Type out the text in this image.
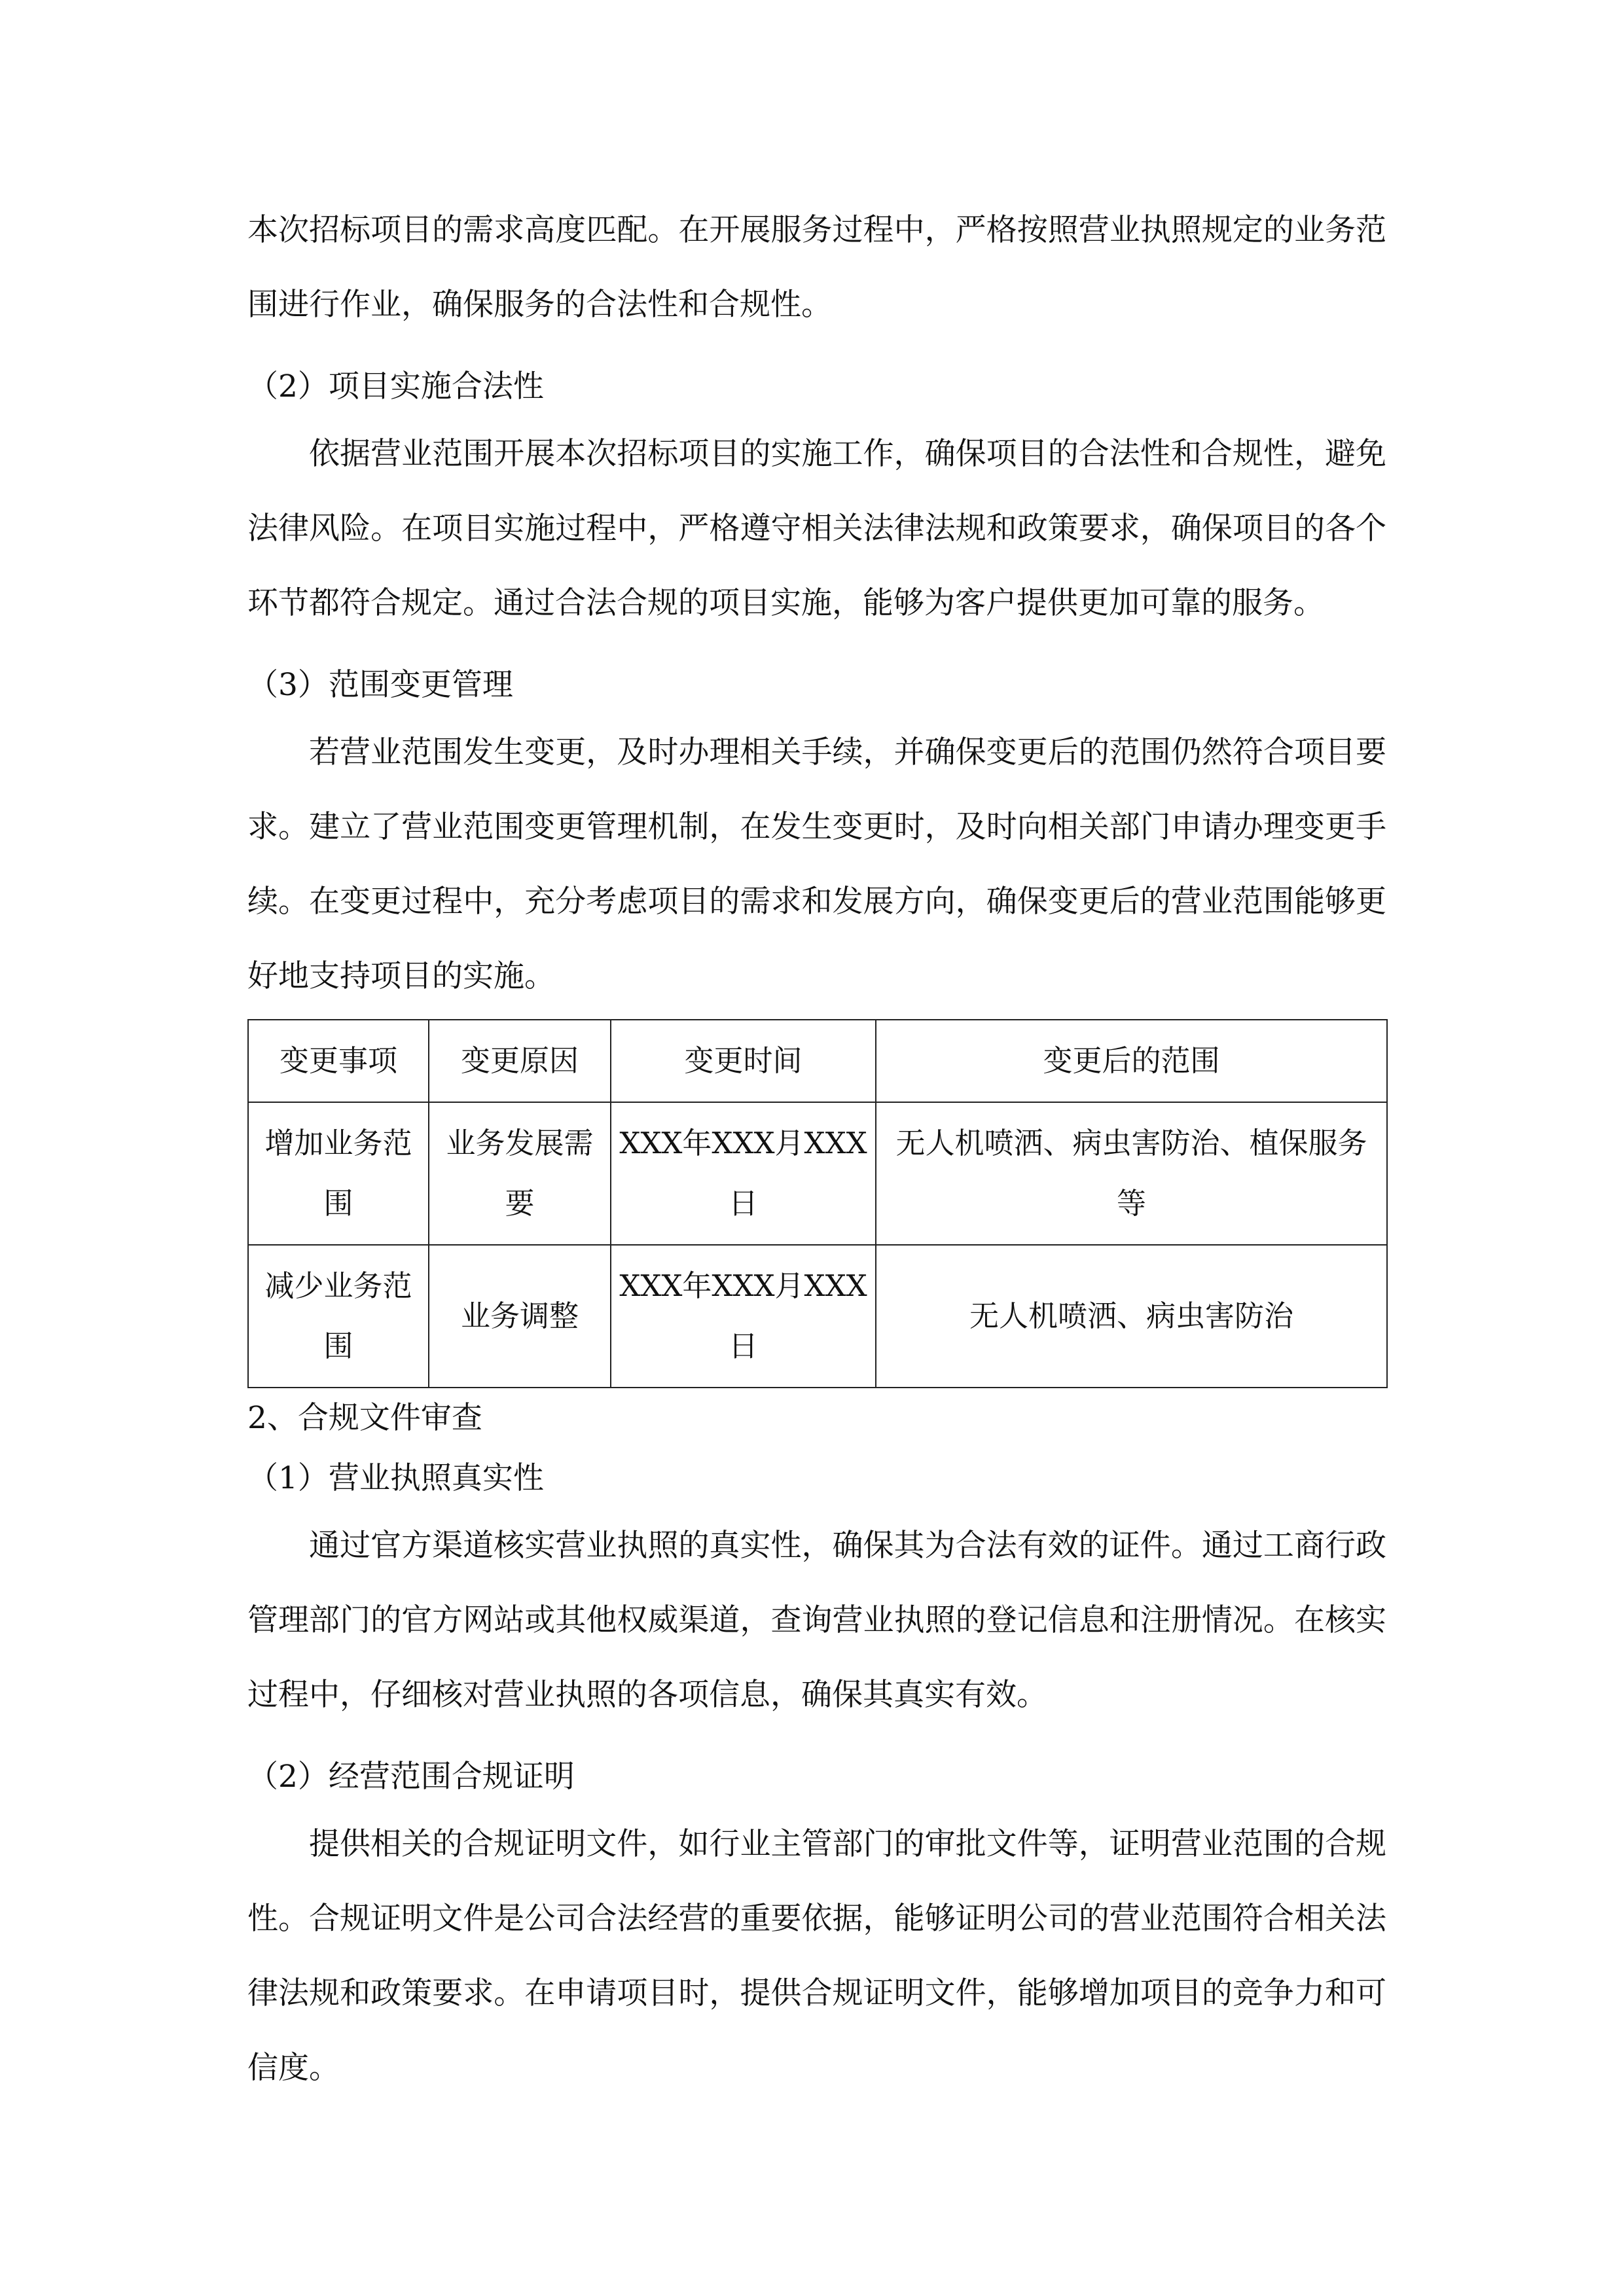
本次招标项目的需求高度匹配。在开展服务过程中，严格按照营业执照规定的业务范围进行作业，确保服务的合法性和合规性。

（2）项目实施合法性

依据营业范围开展本次招标项目的实施工作，确保项目的合法性和合规性，避免法律风险。在项目实施过程中，严格遵守相关法律法规和政策要求，确保项目的各个环节都符合规定。通过合法合规的项目实施，能够为客户提供更加可靠的服务。

（3）范围变更管理

若营业范围发生变更，及时办理相关手续，并确保变更后的范围仍然符合项目要求。建立了营业范围变更管理机制，在发生变更时，及时向相关部门申请办理变更手续。在变更过程中，充分考虑项目的需求和发展方向，确保变更后的营业范围能够更好地支持项目的实施。

变更事项	变更原因	变更时间	变更后的范围
增加业务范围	业务发展需要	XXX年XXX月XXX日	无人机喷洒、病虫害防治、植保服务等
减少业务范围	业务调整	XXX年XXX月XXX日	无人机喷洒、病虫害防治

2、合规文件审查

（1）营业执照真实性

通过官方渠道核实营业执照的真实性，确保其为合法有效的证件。通过工商行政管理部门的官方网站或其他权威渠道，查询营业执照的登记信息和注册情况。在核实过程中，仔细核对营业执照的各项信息，确保其真实有效。

（2）经营范围合规证明

提供相关的合规证明文件，如行业主管部门的审批文件等，证明营业范围的合规性。合规证明文件是公司合法经营的重要依据，能够证明公司的营业范围符合相关法律法规和政策要求。在申请项目时，提供合规证明文件，能够增加项目的竞争力和可信度。
